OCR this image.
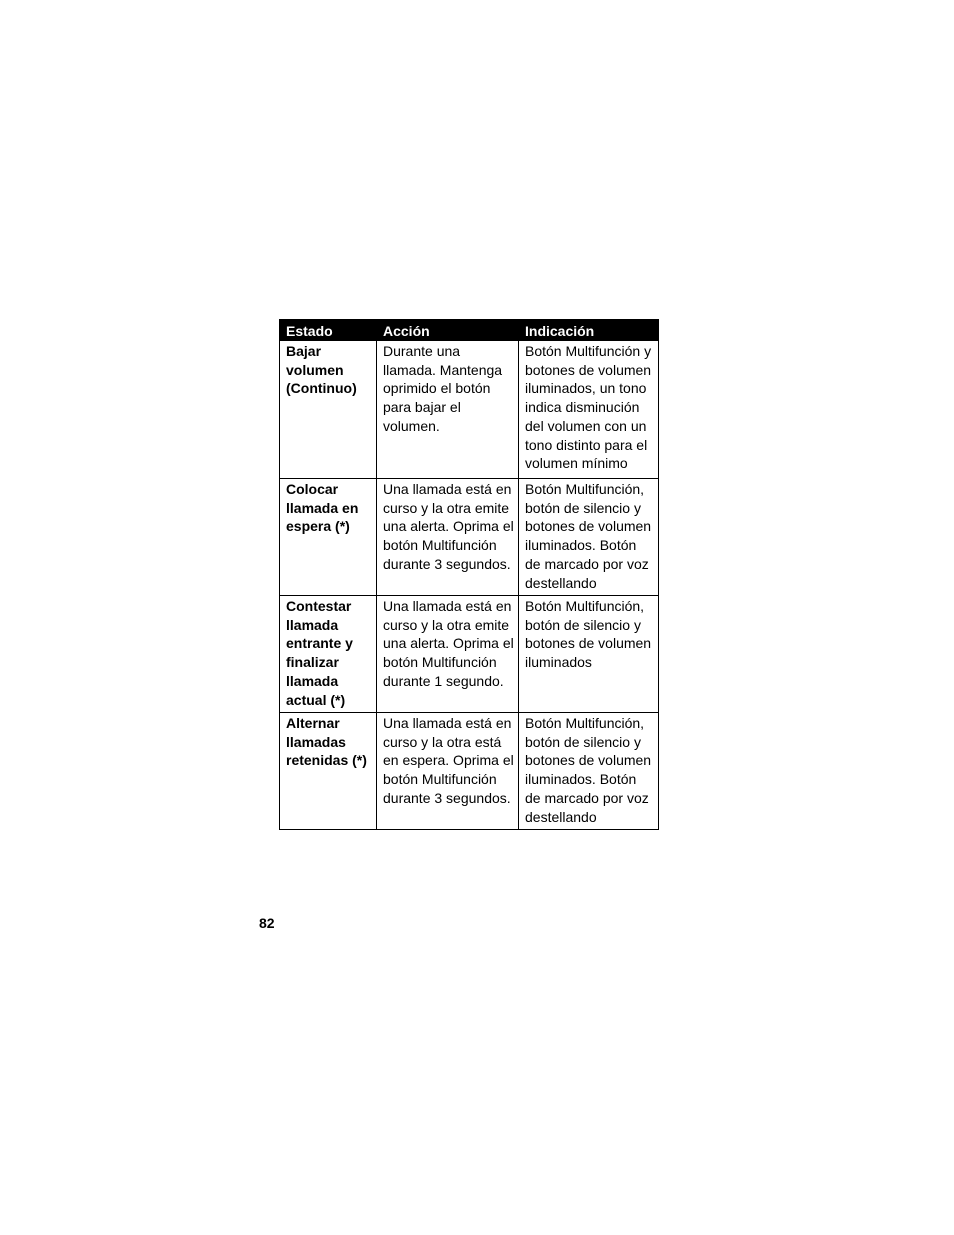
Estado	Acción	Indicación
Bajar volumen (Continuo)	Durante una llamada. Mantenga oprimido el botón para bajar el volumen.	Botón Multifunción y botones de volumen iluminados, un tono indica disminución del volumen con un tono distinto para el volumen mínimo
Colocar llamada en espera (*)	Una llamada está en curso y la otra emite una alerta. Oprima el botón Multifunción durante 3 segundos.	Botón Multifunción, botón de silencio y botones de volumen iluminados. Botón de marcado por voz destellando
Contestar llamada entrante y finalizar llamada actual (*)	Una llamada está en curso y la otra emite una alerta. Oprima el botón Multifunción durante 1 segundo.	Botón Multifunción, botón de silencio y botones de volumen iluminados
Alternar llamadas retenidas (*)	Una llamada está en curso y la otra está en espera. Oprima el botón Multifunción durante 3 segundos.	Botón Multifunción, botón de silencio y botones de volumen iluminados. Botón de marcado por voz destellando
82
